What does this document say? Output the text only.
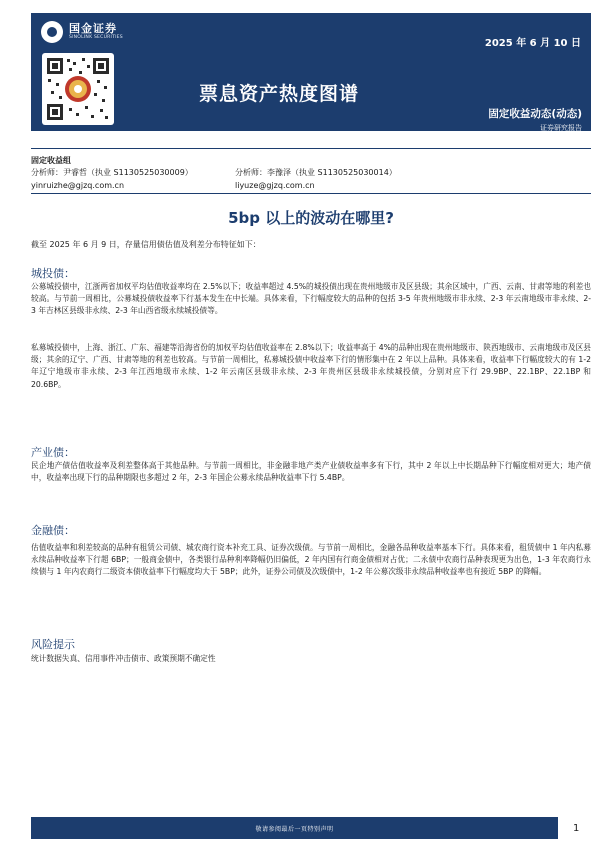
国金证券
SINOLINK SECURITIES
2025 年 6 月 10 日
票息资产热度图谱
固定收益动态(动态)
证券研究报告
固定收益组
分析师：尹睿哲（执业 S1130525030009）	分析师：李豫泽（执业 S1130525030014）
yinruizhe@gjzq.com.cn	liyuze@gjzq.com.cn
5bp 以上的波动在哪里?
截至 2025 年 6 月 9 日，存量信用债估值及利差分布特征如下：
城投债：

公募城投债中，江浙两省加权平均估值收益率均在 2.5%以下；收益率超过 4.5%的城投债出现在贵州地级市及区县级；其余区域中，广西、云南、甘肃等地的利差也较高。与节前一周相比，公募城投债收益率下行基本发生在中长端。具体来看，下行幅度较大的品种的包括 3-5 年贵州地级市非永续、2-3 年云南地级市非永续、2-3 年吉林区县级非永续、2-3 年山西省级永续城投债等。

私募城投债中，上海、浙江、广东、福建等沿海省份的加权平均估值收益率在 2.8%以下；收益率高于 4%的品种出现在贵州地级市、陕西地级市、云南地级市及区县级；其余的辽宁、广西、甘肃等地的利差也较高。与节前一周相比，私募城投债中收益率下行的情形集中在 2 年以上品种。具体来看，收益率下行幅度较大的有 1-2 年辽宁地级市非永续、2-3 年江西地级市永续、1-2 年云南区县级非永续、2-3 年贵州区县级非永续城投债，分别对应下行 29.9BP、22.1BP、22.1BP 和 20.6BP。

产业债：

民企地产债估值收益率及利差整体高于其他品种。与节前一周相比，非金融非地产类产业债收益率多有下行，其中 2 年以上中长期品种下行幅度相对更大；地产债中，收益率出现下行的品种期限也多超过 2 年，2-3 年国企公募永续品种收益率下行 5.4BP。

金融债：

估值收益率和利差较高的品种有租赁公司债、城农商行资本补充工具、证券次级债。与节前一周相比，金融各品种收益率基本下行。具体来看，租赁债中 1 年内私募永续品种收益率下行超 6BP；一般商金债中，各类银行品种利率降幅仍旧偏低，2 年内国有行商金债相对占优；二永债中农商行品种表现更为出色，1-3 年农商行永续债与 1 年内农商行二级资本债收益率下行幅度均大于 5BP；此外，证券公司债及次级债中，1-2 年公募次级非永续品种收益率也有接近 5BP 的降幅。

风险提示

统计数据失真、信用事件冲击债市、政策预期不确定性

敬请参阅最后一页特别声明	1
